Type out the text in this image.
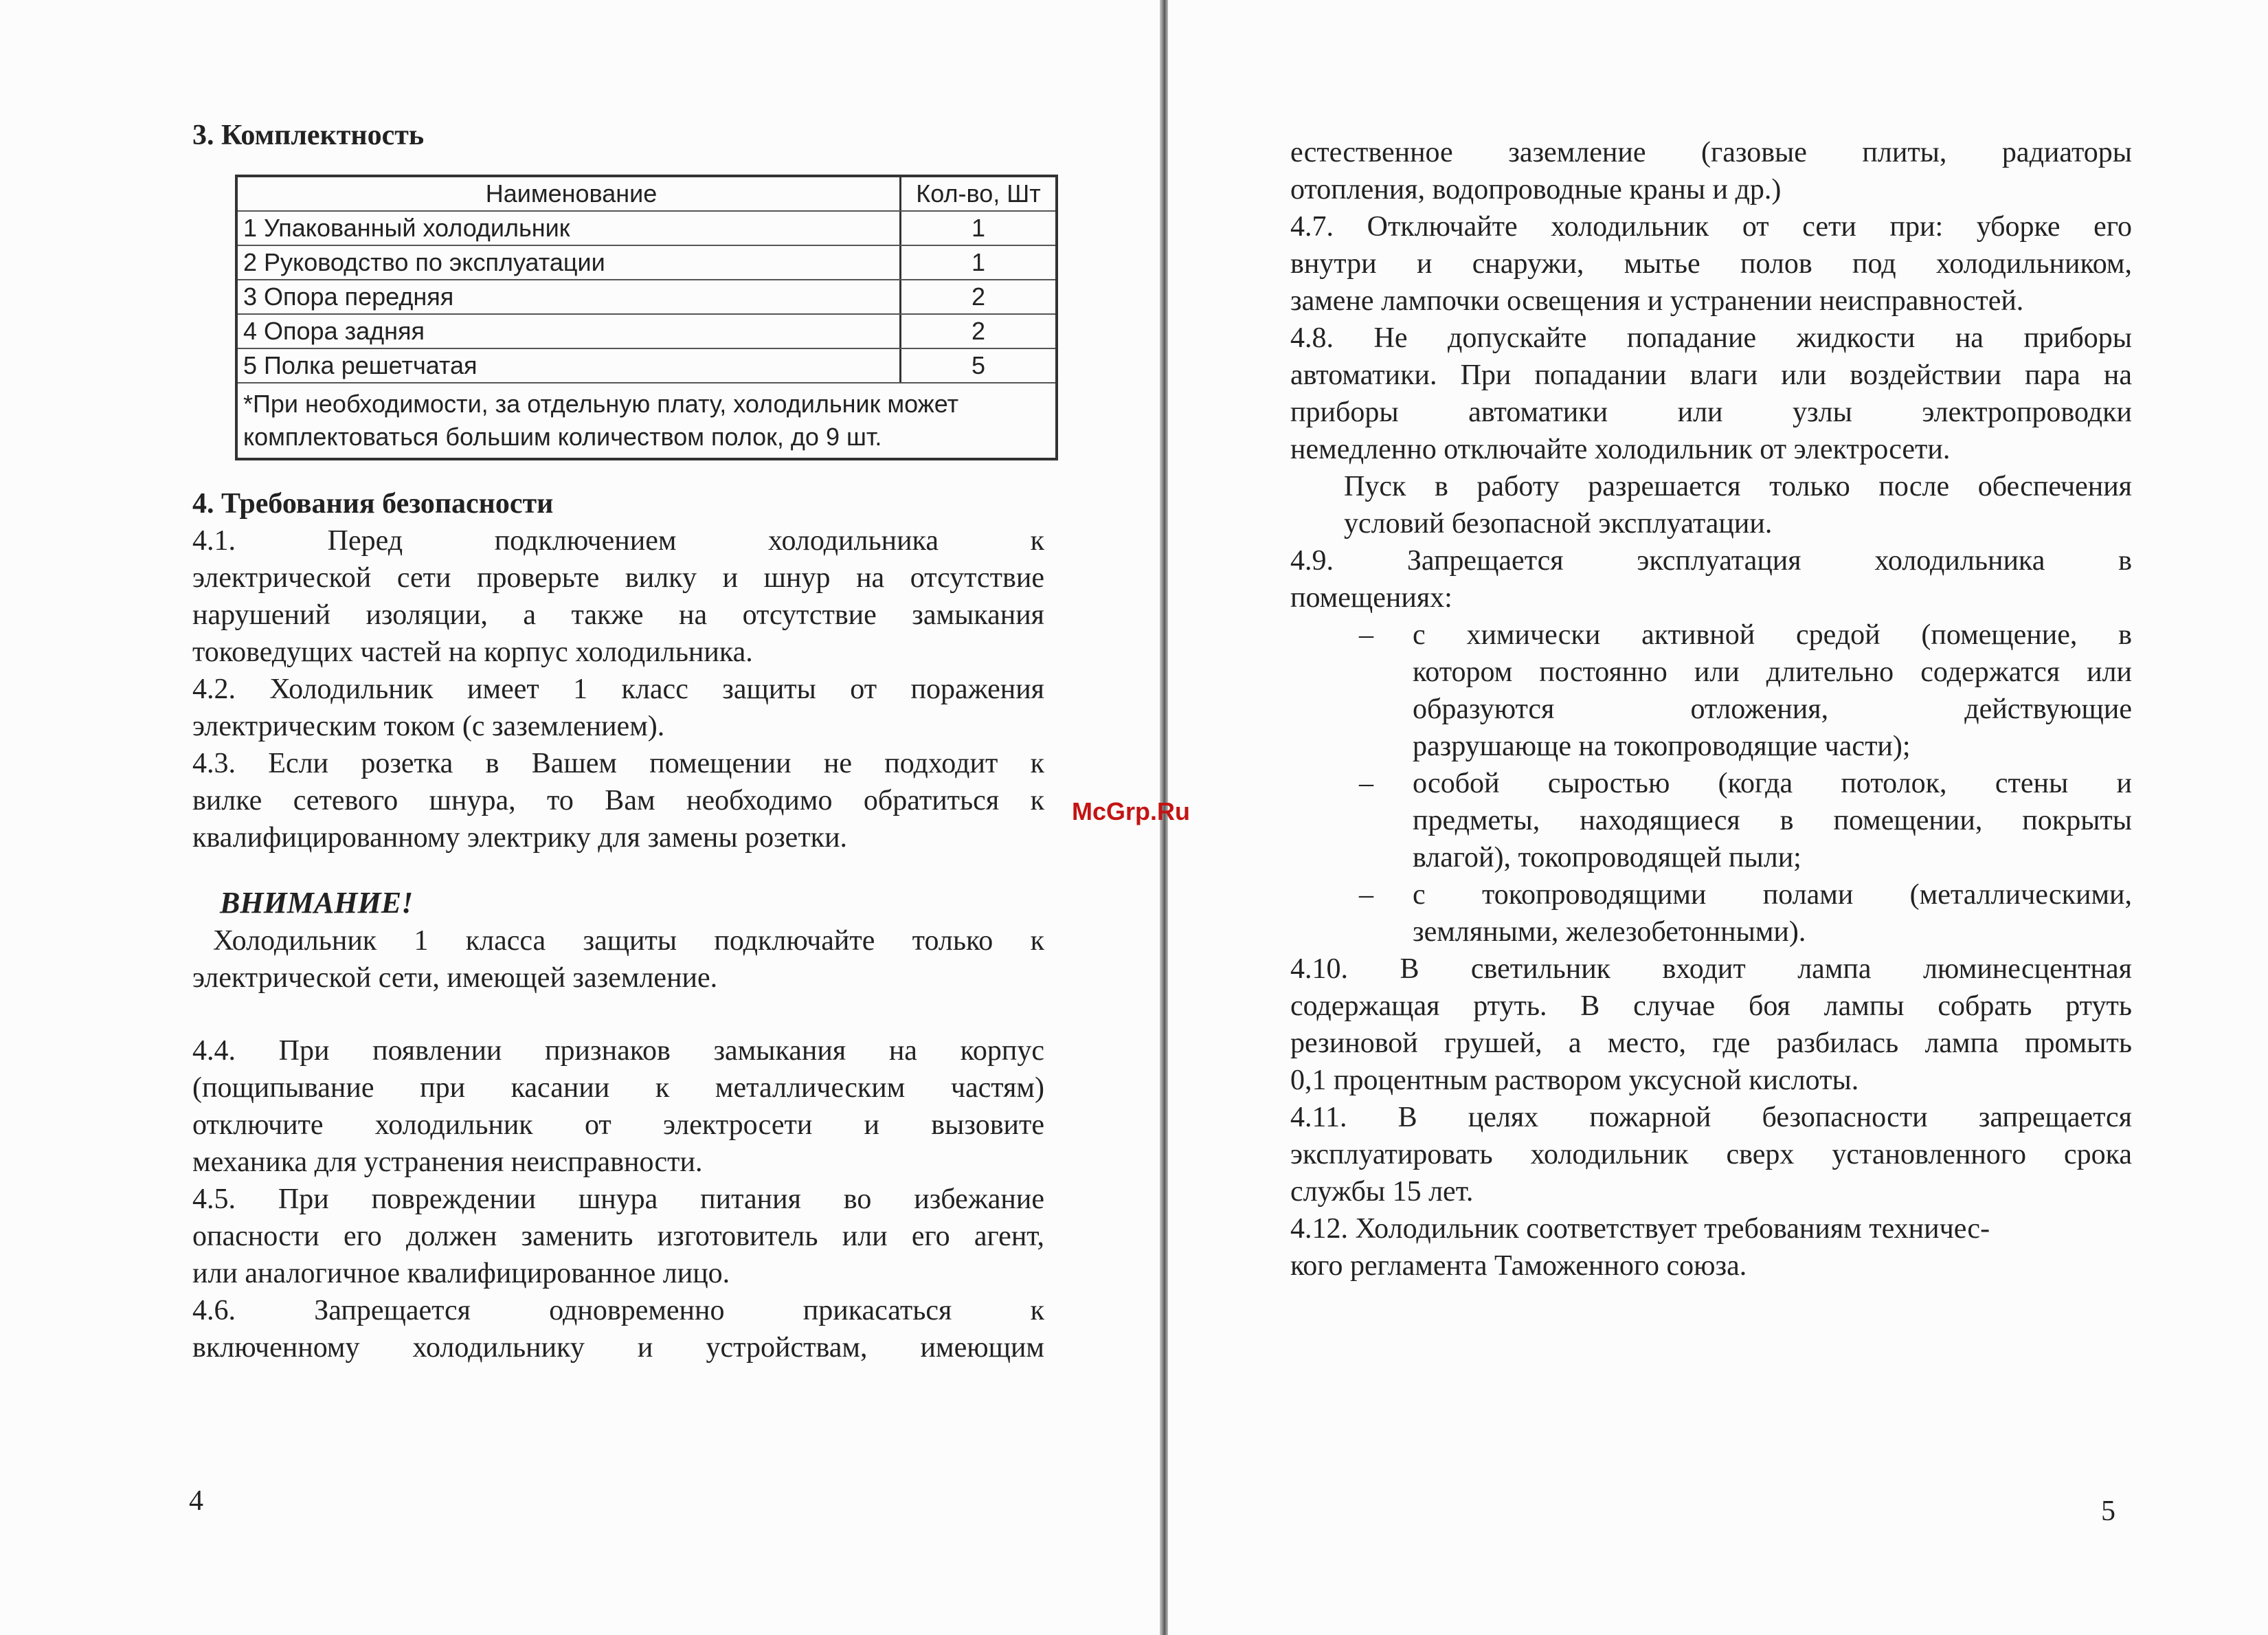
3. Комплектность
Наименование	Кол-во, Шт
1 Упакованный холодильник	1
2 Руководство по эксплуатации	1
3 Опора передняя	2
4 Опора задняя	2
5 Полка решетчатая	5
*При необходимости, за отдельную плату, холодильник может
комплектоваться большим количеством полок, до 9 шт.
4. Требования безопасности
4.1. Перед подключением холодильника к
электрической сети проверьте вилку и шнур на отсутствие
нарушений изоляции, а также на отсутствие замыкания
токоведущих частей на корпус холодильника.
4.2. Холодильник имеет 1 класс защиты от поражения
электрическим током (с заземлением).
4.3. Если розетка в Вашем помещении не подходит к
вилке сетевого шнура, то Вам необходимо обратиться к
квалифицированному электрику для замены розетки.
ВНИМАНИЕ!
Холодильник 1 класса защиты подключайте только к
электрической сети, имеющей заземление.
4.4. При появлении признаков замыкания на корпус
(пощипывание при касании к металлическим частям)
отключите холодильник от электросети и вызовите
механика для устранения неисправности.
4.5. При повреждении шнура питания во избежание
опасности его должен заменить изготовитель или его агент,
или аналогичное квалифицированное лицо.
4.6. Запрещается одновременно прикасаться к
включенному холодильнику и устройствам, имеющим
4
естественное заземление (газовые плиты, радиаторы
отопления, водопроводные краны и др.)
4.7. Отключайте холодильник от сети при: уборке его
внутри и снаружи, мытье полов под холодильником,
замене лампочки освещения и устранении неисправностей.
4.8. Не допускайте попадание жидкости на приборы
автоматики. При попадании влаги или воздействии пара на
приборы автоматики или узлы электропроводки
немедленно отключайте холодильник от электросети.
Пуск в работу разрешается только после обеспечения
условий безопасной эксплуатации.
4.9. Запрещается эксплуатация холодильника в
помещениях:
– с химически активной средой (помещение, в
котором постоянно или длительно содержатся или
образуются отложения, действующие
разрушающе на токопроводящие части);
– особой сыростью (когда потолок, стены и
предметы, находящиеся в помещении, покрыты
влагой), токопроводящей пыли;
– с токопроводящими полами (металлическими,
земляными, железобетонными).
4.10. В светильник входит лампа люминесцентная
содержащая ртуть. В случае боя лампы собрать ртуть
резиновой грушей, а место, где разбилась лампа промыть
0,1 процентным раствором уксусной кислоты.
4.11. В целях пожарной безопасности запрещается
эксплуатировать холодильник сверх установленного срока
службы 15 лет.
4.12. Холодильник соответствует требованиям техничес-
кого регламента Таможенного союза.
5
McGrp.Ru
